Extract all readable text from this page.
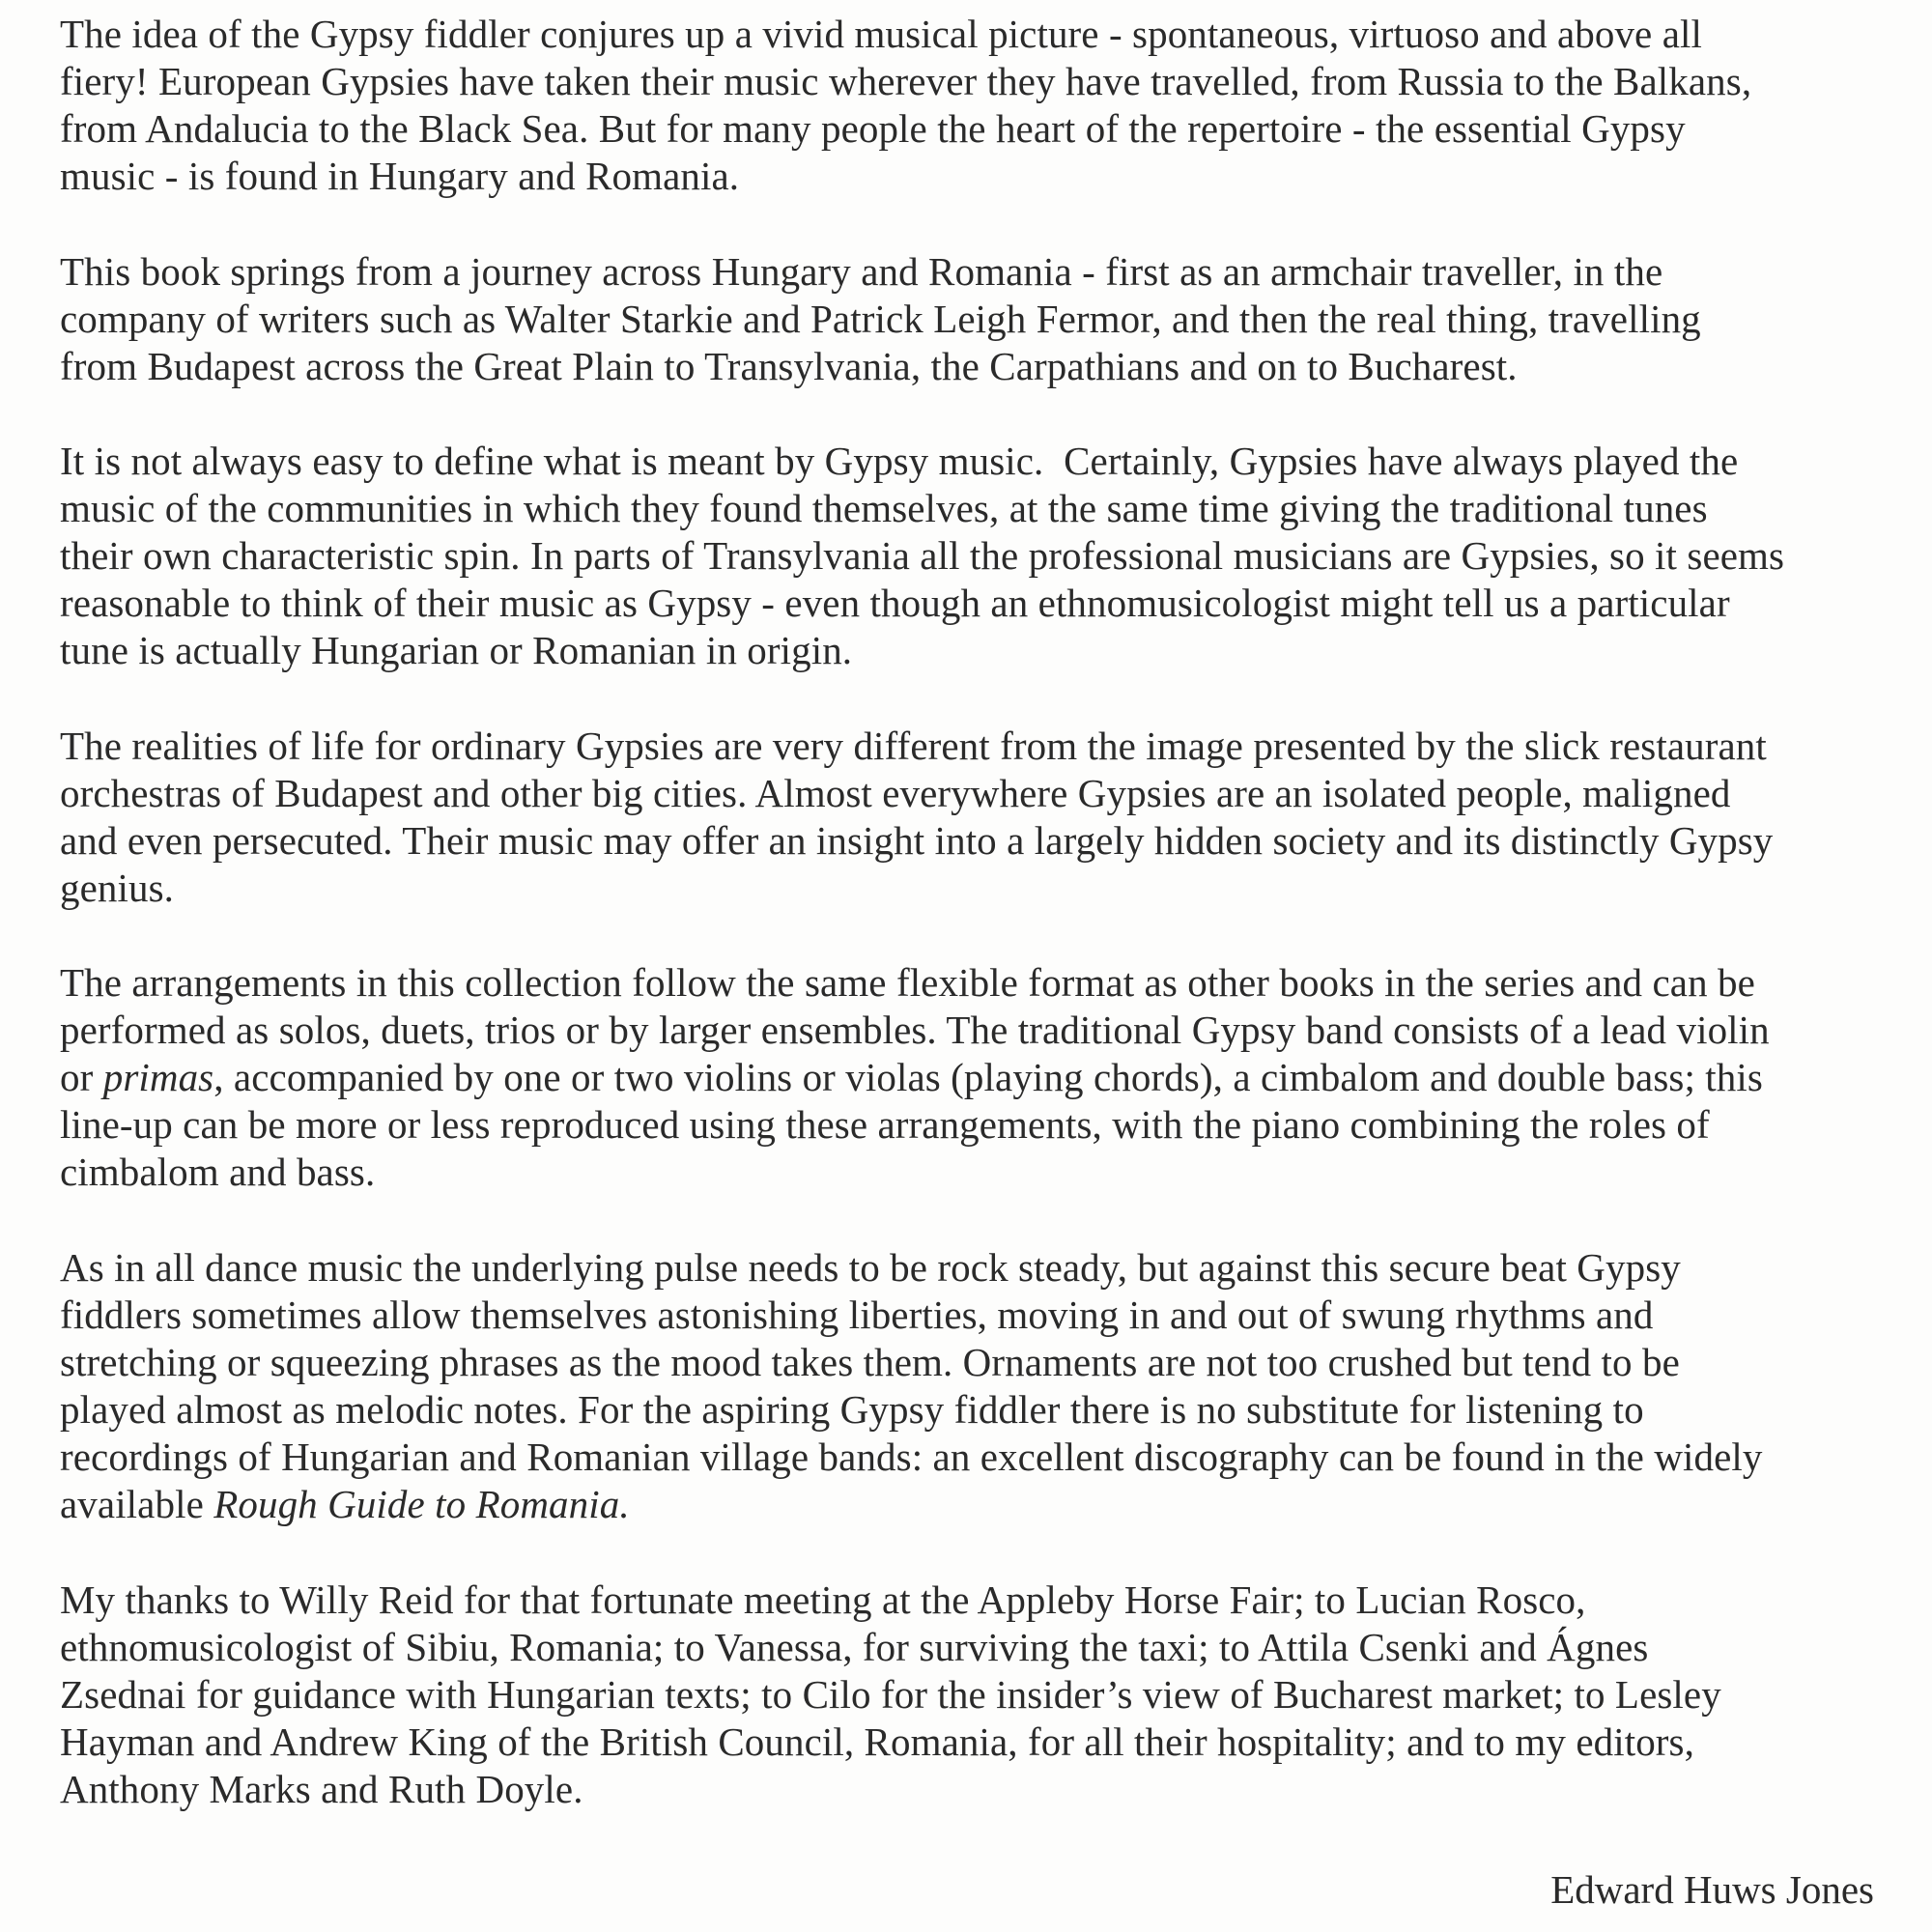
The idea of the Gypsy fiddler conjures up a vivid musical picture - spontaneous, virtuoso and above all
fiery! European Gypsies have taken their music wherever they have travelled, from Russia to the Balkans,
from Andalucia to the Black Sea. But for many people the heart of the repertoire - the essential Gypsy
music - is found in Hungary and Romania.

This book springs from a journey across Hungary and Romania - first as an armchair traveller, in the
company of writers such as Walter Starkie and Patrick Leigh Fermor, and then the real thing, travelling
from Budapest across the Great Plain to Transylvania, the Carpathians and on to Bucharest.

It is not always easy to define what is meant by Gypsy music.  Certainly, Gypsies have always played the
music of the communities in which they found themselves, at the same time giving the traditional tunes
their own characteristic spin. In parts of Transylvania all the professional musicians are Gypsies, so it seems
reasonable to think of their music as Gypsy - even though an ethnomusicologist might tell us a particular
tune is actually Hungarian or Romanian in origin.

The realities of life for ordinary Gypsies are very different from the image presented by the slick restaurant
orchestras of Budapest and other big cities. Almost everywhere Gypsies are an isolated people, maligned
and even persecuted. Their music may offer an insight into a largely hidden society and its distinctly Gypsy
genius.

The arrangements in this collection follow the same flexible format as other books in the series and can be
performed as solos, duets, trios or by larger ensembles. The traditional Gypsy band consists of a lead violin
or primas, accompanied by one or two violins or violas (playing chords), a cimbalom and double bass; this
line-up can be more or less reproduced using these arrangements, with the piano combining the roles of
cimbalom and bass.

As in all dance music the underlying pulse needs to be rock steady, but against this secure beat Gypsy
fiddlers sometimes allow themselves astonishing liberties, moving in and out of swung rhythms and
stretching or squeezing phrases as the mood takes them. Ornaments are not too crushed but tend to be
played almost as melodic notes. For the aspiring Gypsy fiddler there is no substitute for listening to
recordings of Hungarian and Romanian village bands: an excellent discography can be found in the widely
available Rough Guide to Romania.

My thanks to Willy Reid for that fortunate meeting at the Appleby Horse Fair; to Lucian Rosco,
ethnomusicologist of Sibiu, Romania; to Vanessa, for surviving the taxi; to Attila Csenki and Ágnes
Zsednai for guidance with Hungarian texts; to Cilo for the insider’s view of Bucharest market; to Lesley
Hayman and Andrew King of the British Council, Romania, for all their hospitality; and to my editors,
Anthony Marks and Ruth Doyle.

Edward Huws Jones
